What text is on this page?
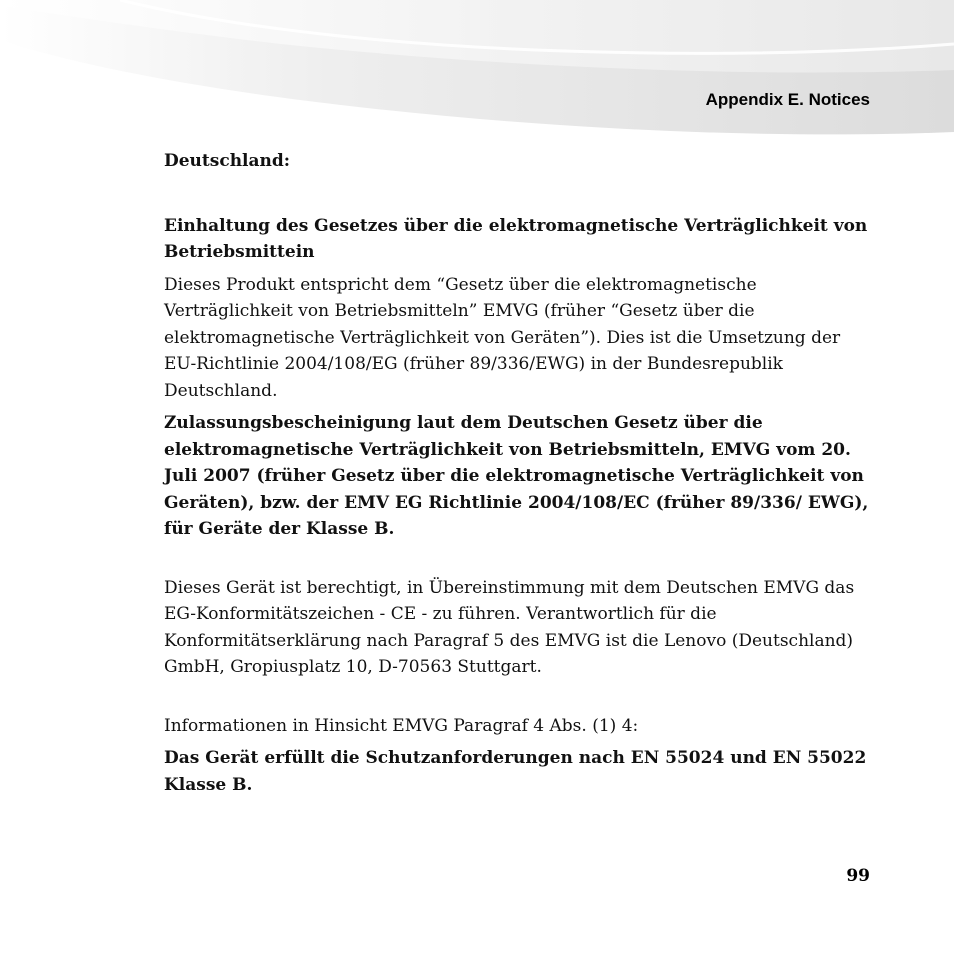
Appendix E. Notices

Deutschland:

Einhaltung des Gesetzes über die elektromagnetische Verträglichkeit von Betriebsmittein

Dieses Produkt entspricht dem “Gesetz über die elektromagnetische Verträglichkeit von Betriebsmitteln” EMVG (früher “Gesetz über die elektromagnetische Verträglichkeit von Geräten”). Dies ist die Umsetzung der EU-Richtlinie 2004/108/EG (früher 89/336/EWG) in der Bundesrepublik Deutschland.

Zulassungsbescheinigung laut dem Deutschen Gesetz über die elektromagnetische Verträglichkeit von Betriebsmitteln, EMVG vom 20. Juli 2007 (früher Gesetz über die elektromagnetische Verträglichkeit von Geräten), bzw. der EMV EG Richtlinie 2004/108/EC (früher 89/336/ EWG), für Geräte der Klasse B.

Dieses Gerät ist berechtigt, in Übereinstimmung mit dem Deutschen EMVG das EG-Konformitätszeichen - CE - zu führen. Verantwortlich für die Konformitätserklärung nach Paragraf 5 des EMVG ist die Lenovo (Deutschland) GmbH, Gropiusplatz 10, D-70563 Stuttgart.

Informationen in Hinsicht EMVG Paragraf 4 Abs. (1) 4:

Das Gerät erfüllt die Schutzanforderungen nach EN 55024 und EN 55022 Klasse B.

99
